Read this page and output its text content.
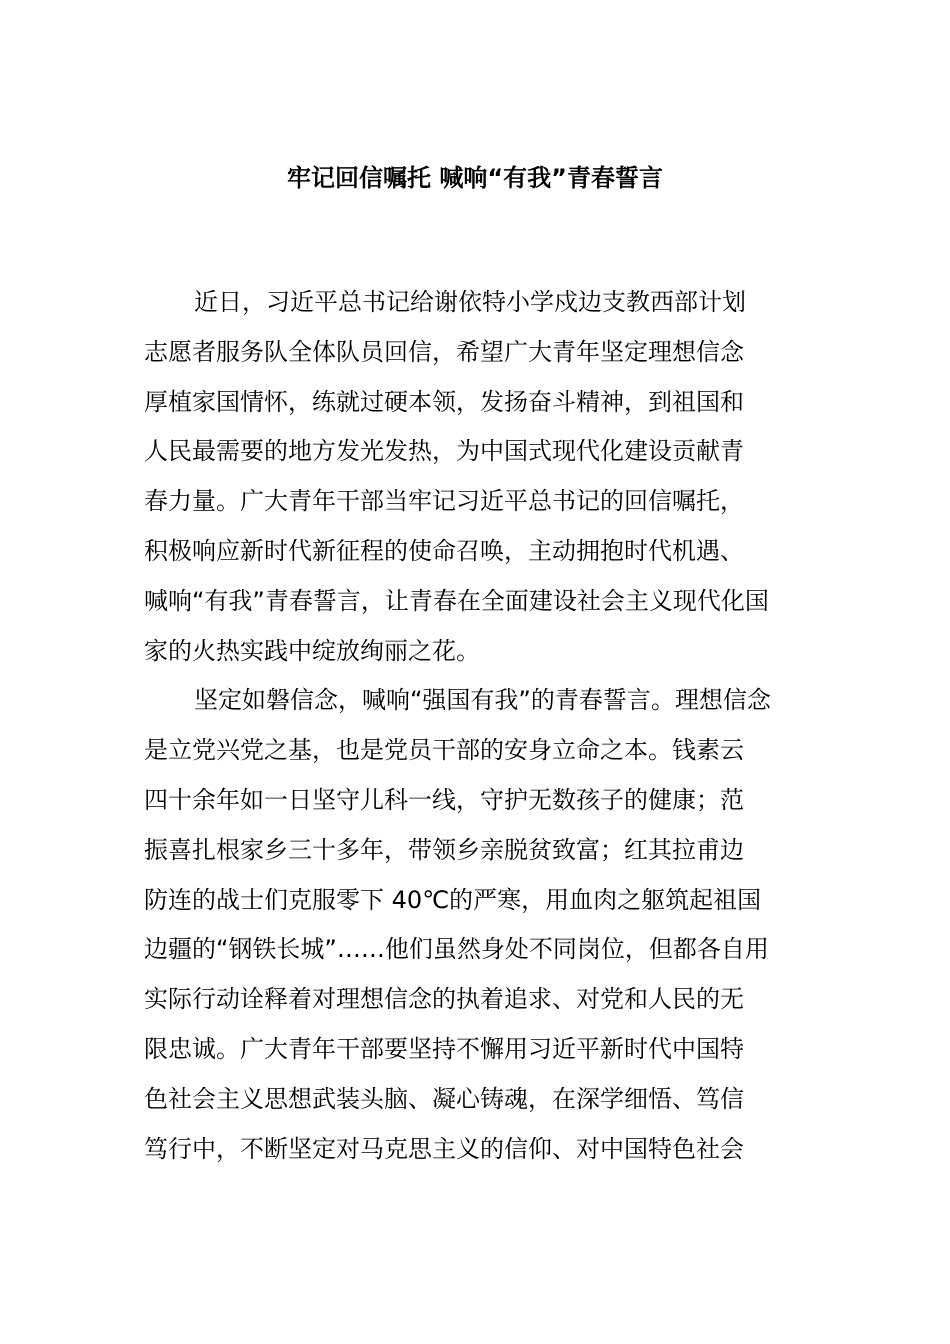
牢记回信嘱托 喊响“有我”青春誓言
近日，习近平总书记给谢依特小学戍边支教西部计划
志愿者服务队全体队员回信，希望广大青年坚定理想信念
厚植家国情怀，练就过硬本领，发扬奋斗精神，到祖国和
人民最需要的地方发光发热，为中国式现代化建设贡献青
春力量。广大青年干部当牢记习近平总书记的回信嘱托，
积极响应新时代新征程的使命召唤，主动拥抱时代机遇、
喊响“有我”青春誓言，让青春在全面建设社会主义现代化国
家的火热实践中绽放绚丽之花。
坚定如磐信念，喊响“强国有我”的青春誓言。理想信念
是立党兴党之基，也是党员干部的安身立命之本。钱素云
四十余年如一日坚守儿科一线，守护无数孩子的健康；范
振喜扎根家乡三十多年，带领乡亲脱贫致富；红其拉甫边
防连的战士们克服零下 40℃的严寒，用血肉之躯筑起祖国
边疆的“钢铁长城”……他们虽然身处不同岗位，但都各自用
实际行动诠释着对理想信念的执着追求、对党和人民的无
限忠诚。广大青年干部要坚持不懈用习近平新时代中国特
色社会主义思想武装头脑、凝心铸魂，在深学细悟、笃信
笃行中，不断坚定对马克思主义的信仰、对中国特色社会
